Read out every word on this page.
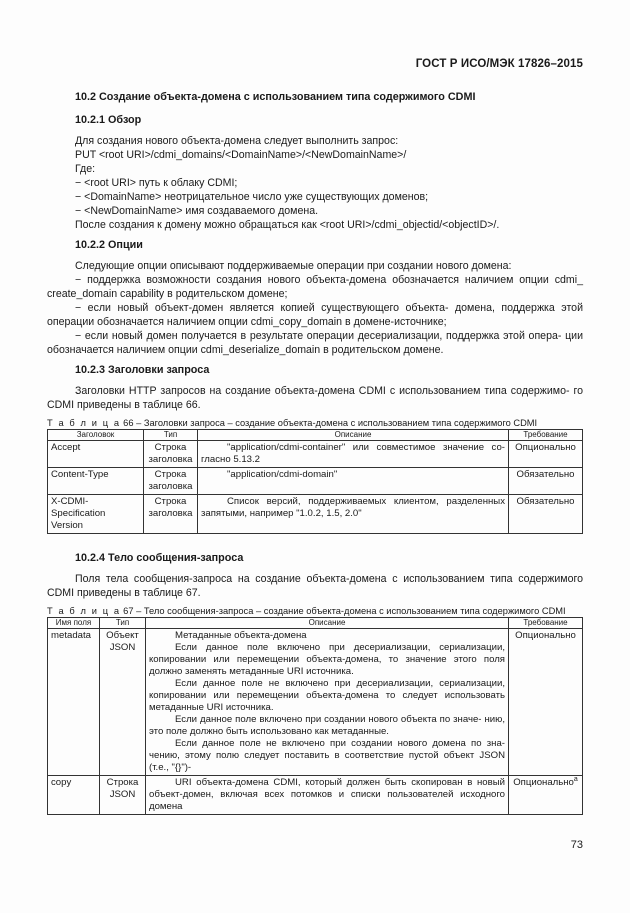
ГОСТ Р ИСО/МЭК 17826–2015
10.2 Создание объекта-домена с использованием типа содержимого CDMI
10.2.1 Обзор

Для создания нового объекта-домена следует выполнить запрос:

PUT <root URI>/cdmi_domains/<DomainName>/<NewDomainName>/

Где:

− <root URI> путь к облаку CDMI;

− <DomainName> неотрицательное число уже существующих доменов;

− <NewDomainName> имя создаваемого домена.

После создания к домену можно обращаться как <root URI>/cdmi_objectid/<objectID>/.

10.2.2 Опции

Следующие опции описывают поддерживаемые операции при создании нового домена:

− поддержка возможности создания нового объекта-домена обозначается наличием опции cdmi_ create_domain capability в родительском домене;

− если новый объект-домен является копией существующего объекта- домена, поддержка этой операции обозначается наличием опции cdmi_copy_domain в домене-источнике;

− если новый домен получается в результате операции десериализации, поддержка этой опера- ции обозначается наличием опции cdmi_deserialize_domain в родительском домене.

10.2.3 Заголовки запроса

Заголовки HTTP запросов на создание объекта-домена CDMI с использованием типа содержимо- го CDMI приведены в таблице 66.

Т а б л и ц а 66 – Заголовки запроса – создание объекта-домена с использованием типа содержимого CDMI
Заголовок	Тип	Описание	Требование
Accept	Строка заголовка	"application/cdmi-container" или совместимое значение со- гласно 5.13.2	Опционально
Content-Type	Строка заголовка	"application/cdmi-domain"	Обязательно
X-CDMI-Specification Version	Строка заголовка	Список версий, поддерживаемых клиентом, разделенных запятыми, например "1.0.2, 1.5, 2.0"	Обязательно
10.2.4 Тело сообщения-запроса

Поля тела сообщения-запроса на создание объекта-домена с использованием типа содержимого CDMI приведены в таблице 67.

Т а б л и ц а 67 – Тело сообщения-запроса – создание объекта-домена с использованием типа содержимого CDMI
Имя поля	Тип	Описание	Требование
metadata	Объект JSON	Метаданные объекта-домена

Если данное поле включено при десериализации, сериализации, копировании или перемещении объекта-домена, то значение этого поля должно заменять метаданные URI источника.

Если данное поле не включено при десериализации, сериализации, копировании или перемещении объекта-домена то следует использовать метаданные URI источника.

Если данное поле включено при создании нового объекта по значе- нию, это поле должно быть использовано как метаданные.

Если данное поле не включено при создании нового домена по зна- чению, этому полю следует поставить в соответствие пустой объект JSON (т.е., "{}")-	Опционально
copy	Строка JSON	URI объекта-домена CDMI, который должен быть скопирован в новый объект-домен, включая всех потомков и списки пользователей исходного домена	Опционально$^a$
73
